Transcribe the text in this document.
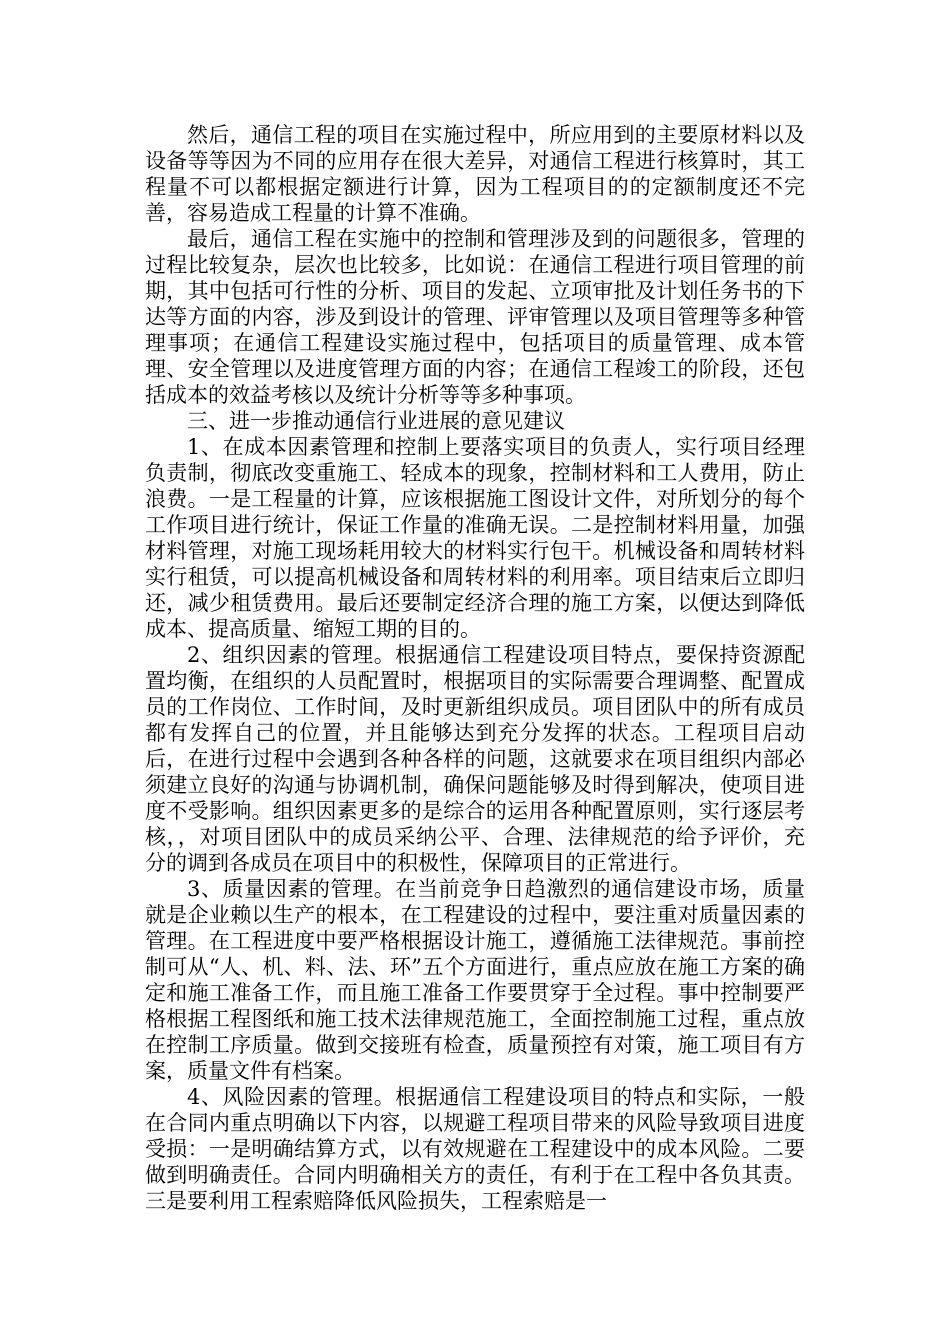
然后，通信工程的项目在实施过程中，所应用到的主要原材料以及设备等等因为不同的应用存在很大差异，对通信工程进行核算时，其工程量不可以都根据定额进行计算，因为工程项目的的定额制度还不完善，容易造成工程量的计算不准确。

最后，通信工程在实施中的控制和管理涉及到的问题很多，管理的过程比较复杂，层次也比较多，比如说：在通信工程进行项目管理的前期，其中包括可行性的分析、项目的发起、立项审批及计划任务书的下达等方面的内容，涉及到设计的管理、评审管理以及项目管理等多种管理事项；在通信工程建设实施过程中，包括项目的质量管理、成本管理、安全管理以及进度管理方面的内容；在通信工程竣工的阶段，还包括成本的效益考核以及统计分析等等多种事项。

三、进一步推动通信行业进展的意见建议

1、在成本因素管理和控制上要落实项目的负责人，实行项目经理负责制，彻底改变重施工、轻成本的现象，控制材料和工人费用，防止浪费。一是工程量的计算，应该根据施工图设计文件，对所划分的每个工作项目进行统计，保证工作量的准确无误。二是控制材料用量，加强材料管理，对施工现场耗用较大的材料实行包干。机械设备和周转材料实行租赁，可以提高机械设备和周转材料的利用率。项目结束后立即归还，减少租赁费用。最后还要制定经济合理的施工方案，以便达到降低成本、提高质量、缩短工期的目的。

2、组织因素的管理。根据通信工程建设项目特点，要保持资源配置均衡，在组织的人员配置时，根据项目的实际需要合理调整、配置成员的工作岗位、工作时间，及时更新组织成员。项目团队中的所有成员都有发挥自己的位置，并且能够达到充分发挥的状态。工程项目启动后，在进行过程中会遇到各种各样的问题，这就要求在项目组织内部必须建立良好的沟通与协调机制，确保问题能够及时得到解决，使项目进度不受影响。组织因素更多的是综合的运用各种配置原则，实行逐层考核，，对项目团队中的成员采纳公平、合理、法律规范的给予评价，充分的调到各成员在项目中的积极性，保障项目的正常进行。

3、质量因素的管理。在当前竞争日趋激烈的通信建设市场，质量就是企业赖以生产的根本，在工程建设的过程中，要注重对质量因素的管理。在工程进度中要严格根据设计施工，遵循施工法律规范。事前控制可从“人、机、料、法、环”五个方面进行，重点应放在施工方案的确定和施工准备工作，而且施工准备工作要贯穿于全过程。事中控制要严格根据工程图纸和施工技术法律规范施工，全面控制施工过程，重点放在控制工序质量。做到交接班有检查，质量预控有对策，施工项目有方案，质量文件有档案。

4、风险因素的管理。根据通信工程建设项目的特点和实际，一般在合同内重点明确以下内容，以规避工程项目带来的风险导致项目进度受损：一是明确结算方式，以有效规避在工程建设中的成本风险。二要做到明确责任。合同内明确相关方的责任，有利于在工程中各负其责。三是要利用工程索赔降低风险损失，工程索赔是一
